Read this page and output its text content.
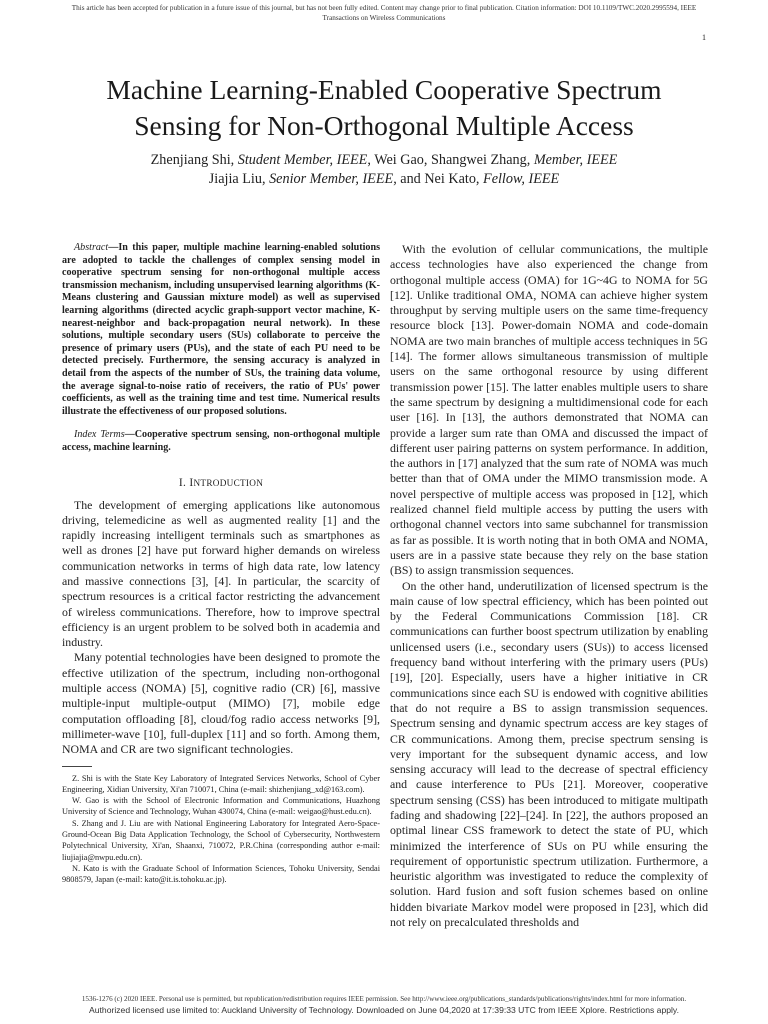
This article has been accepted for publication in a future issue of this journal, but has not been fully edited. Content may change prior to final publication. Citation information: DOI 10.1109/TWC.2020.2995594, IEEE
Transactions on Wireless Communications
1
Machine Learning-Enabled Cooperative Spectrum
Sensing for Non-Orthogonal Multiple Access

Zhenjiang Shi, Student Member, IEEE, Wei Gao, Shangwei Zhang, Member, IEEE

Jiajia Liu, Senior Member, IEEE, and Nei Kato, Fellow, IEEE

Abstract—In this paper, multiple machine learning-enabled solutions are adopted to tackle the challenges of complex sensing model in cooperative spectrum sensing for non-orthogonal multiple access transmission mechanism, including unsupervised learning algorithms (K-Means clustering and Gaussian mixture model) as well as supervised learning algorithms (directed acyclic graph-support vector machine, K-nearest-neighbor and back-propagation neural network). In these solutions, multiple secondary users (SUs) collaborate to perceive the presence of primary users (PUs), and the state of each PU need to be detected precisely. Furthermore, the sensing accuracy is analyzed in detail from the aspects of the number of SUs, the training data volume, the average signal-to-noise ratio of receivers, the ratio of PUs' power coefficients, as well as the training time and test time. Numerical results illustrate the effectiveness of our proposed solutions.

Index Terms—Cooperative spectrum sensing, non-orthogonal multiple access, machine learning.

I. INTRODUCTION

The development of emerging applications like autonomous driving, telemedicine as well as augmented reality [1] and the rapidly increasing intelligent terminals such as smartphones as well as drones [2] have put forward higher demands on wireless communication networks in terms of high data rate, low latency and massive connections [3], [4]. In particular, the scarcity of spectrum resources is a critical factor restricting the advancement of wireless communications. Therefore, how to improve spectral efficiency is an urgent problem to be solved both in academia and industry.

Many potential technologies have been designed to promote the effective utilization of the spectrum, including non-orthogonal multiple access (NOMA) [5], cognitive radio (CR) [6], massive multiple-input multiple-output (MIMO) [7], mobile edge computation offloading [8], cloud/fog radio access networks [9], millimeter-wave [10], full-duplex [11] and so forth. Among them, NOMA and CR are two significant technologies.

Z. Shi is with the State Key Laboratory of Integrated Services Networks, School of Cyber Engineering, Xidian University, Xi'an 710071, China (e-mail: shizhenjiang_xd@163.com).

W. Gao is with the School of Electronic Information and Communications, Huazhong University of Science and Technology, Wuhan 430074, China (e-mail: weigao@hust.edu.cn).

S. Zhang and J. Liu are with National Engineering Laboratory for Integrated Aero-Space-Ground-Ocean Big Data Application Technology, the School of Cybersecurity, Northwestern Polytechnical University, Xi'an, Shaanxi, 710072, P.R.China (corresponding author e-mail: liujiajia@nwpu.edu.cn).

N. Kato is with the Graduate School of Information Sciences, Tohoku University, Sendai 9808579, Japan (e-mail: kato@it.is.tohoku.ac.jp).

With the evolution of cellular communications, the multiple access technologies have also experienced the change from orthogonal multiple access (OMA) for 1G~4G to NOMA for 5G [12]. Unlike traditional OMA, NOMA can achieve higher system throughput by serving multiple users on the same time-frequency resource block [13]. Power-domain NOMA and code-domain NOMA are two main branches of multiple access techniques in 5G [14]. The former allows simultaneous transmission of multiple users on the same orthogonal resource by using different transmission power [15]. The latter enables multiple users to share the same spectrum by designing a multidimensional code for each user [16]. In [13], the authors demonstrated that NOMA can provide a larger sum rate than OMA and discussed the impact of different user pairing patterns on system performance. In addition, the authors in [17] analyzed that the sum rate of NOMA was much better than that of OMA under the MIMO transmission mode. A novel perspective of multiple access was proposed in [12], which realized channel field multiple access by putting the users with orthogonal channel vectors into same subchannel for transmission as far as possible. It is worth noting that in both OMA and NOMA, users are in a passive state because they rely on the base station (BS) to assign transmission sequences.

On the other hand, underutilization of licensed spectrum is the main cause of low spectral efficiency, which has been pointed out by the Federal Communications Commission [18]. CR communications can further boost spectrum utilization by enabling unlicensed users (i.e., secondary users (SUs)) to access licensed frequency band without interfering with the primary users (PUs) [19], [20]. Especially, users have a higher initiative in CR communications since each SU is endowed with cognitive abilities that do not require a BS to assign transmission sequences. Spectrum sensing and dynamic spectrum access are key stages of CR communications. Among them, precise spectrum sensing is very important for the subsequent dynamic access, and low sensing accuracy will lead to the decrease of spectral efficiency and cause interference to PUs [21]. Moreover, cooperative spectrum sensing (CSS) has been introduced to mitigate multipath fading and shadowing [22]–[24]. In [22], the authors proposed an optimal linear CSS framework to detect the state of PU, which minimized the interference of SUs on PU while ensuring the requirement of opportunistic spectrum utilization. Furthermore, a heuristic algorithm was investigated to reduce the complexity of solution. Hard fusion and soft fusion schemes based on online hidden bivariate Markov model were proposed in [23], which did not rely on precalculated thresholds and

1536-1276 (c) 2020 IEEE. Personal use is permitted, but republication/redistribution requires IEEE permission. See http://www.ieee.org/publications_standards/publications/rights/index.html for more information.
Authorized licensed use limited to: Auckland University of Technology. Downloaded on June 04,2020 at 17:39:33 UTC from IEEE Xplore. Restrictions apply.
